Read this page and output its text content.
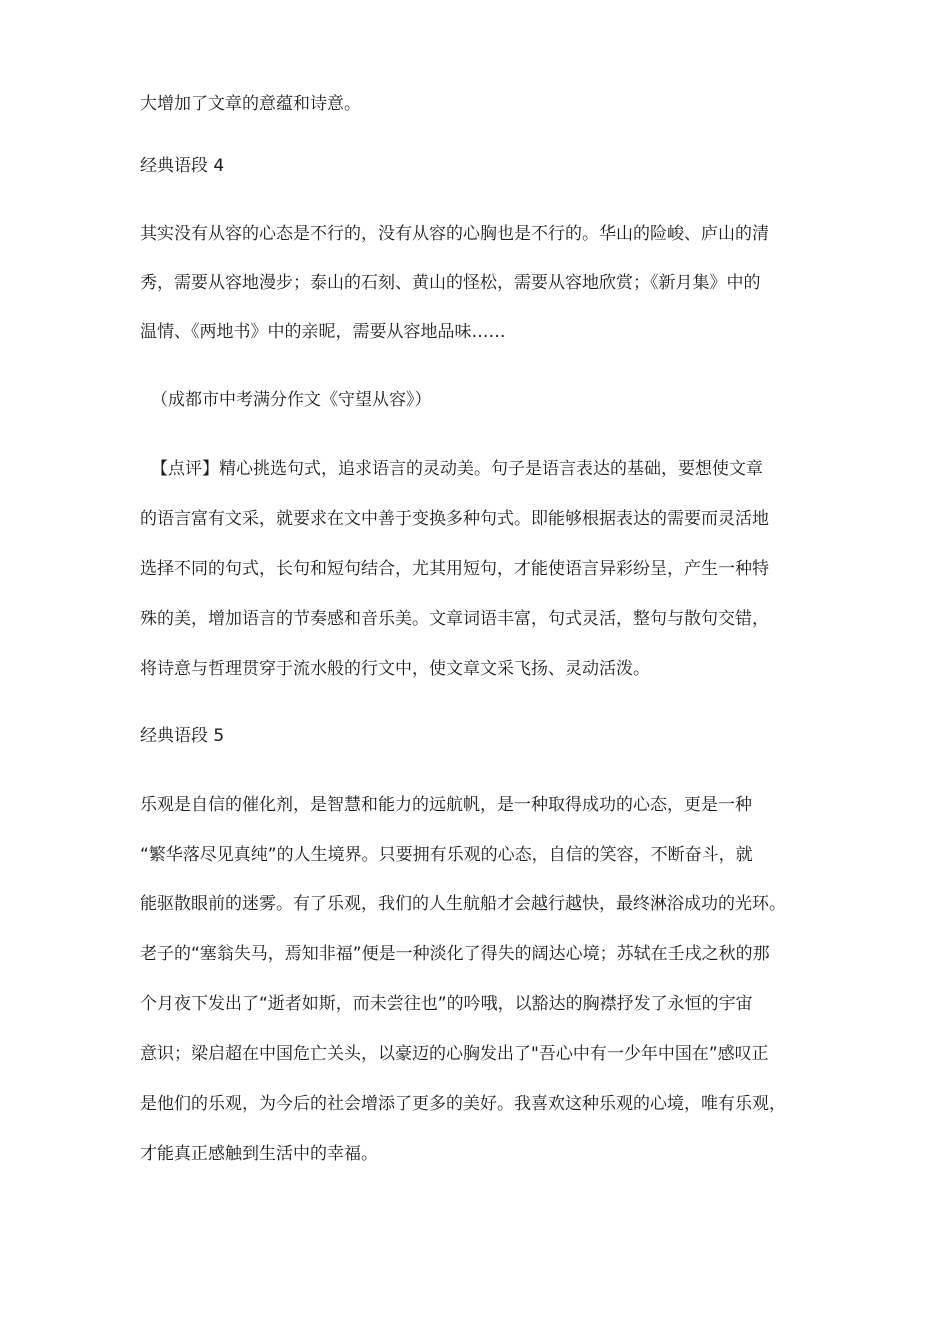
大增加了文章的意蕴和诗意。

经典语段 4

其实没有从容的心态是不行的，没有从容的心胸也是不行的。华山的险峻、庐山的清

秀，需要从容地漫步；泰山的石刻、黄山的怪松，需要从容地欣赏；《新月集》中的

温情、《两地书》中的亲昵，需要从容地品味……

（成都市中考满分作文《守望从容》）

【点评】精心挑选句式，追求语言的灵动美。句子是语言表达的基础，要想使文章

的语言富有文采，就要求在文中善于变换多种句式。即能够根据表达的需要而灵活地

选择不同的句式，长句和短句结合，尤其用短句，才能使语言异彩纷呈，产生一种特

殊的美，增加语言的节奏感和音乐美。文章词语丰富，句式灵活，整句与散句交错，

将诗意与哲理贯穿于流水般的行文中，使文章文采飞扬、灵动活泼。

经典语段 5

乐观是自信的催化剂，是智慧和能力的远航帆，是一种取得成功的心态，更是一种

“繁华落尽见真纯”的人生境界。只要拥有乐观的心态，自信的笑容，不断奋斗，就

能驱散眼前的迷雾。有了乐观，我们的人生航船才会越行越快，最终淋浴成功的光环。

老子的“塞翁失马，焉知非福”便是一种淡化了得失的阔达心境；苏轼在壬戌之秋的那

个月夜下发出了“逝者如斯，而未尝往也”的吟哦，以豁达的胸襟抒发了永恒的宇宙

意识；梁启超在中国危亡关头，以豪迈的心胸发出了"吾心中有一少年中国在”感叹正

是他们的乐观，为今后的社会增添了更多的美好。我喜欢这种乐观的心境，唯有乐观，

才能真正感触到生活中的幸福。
